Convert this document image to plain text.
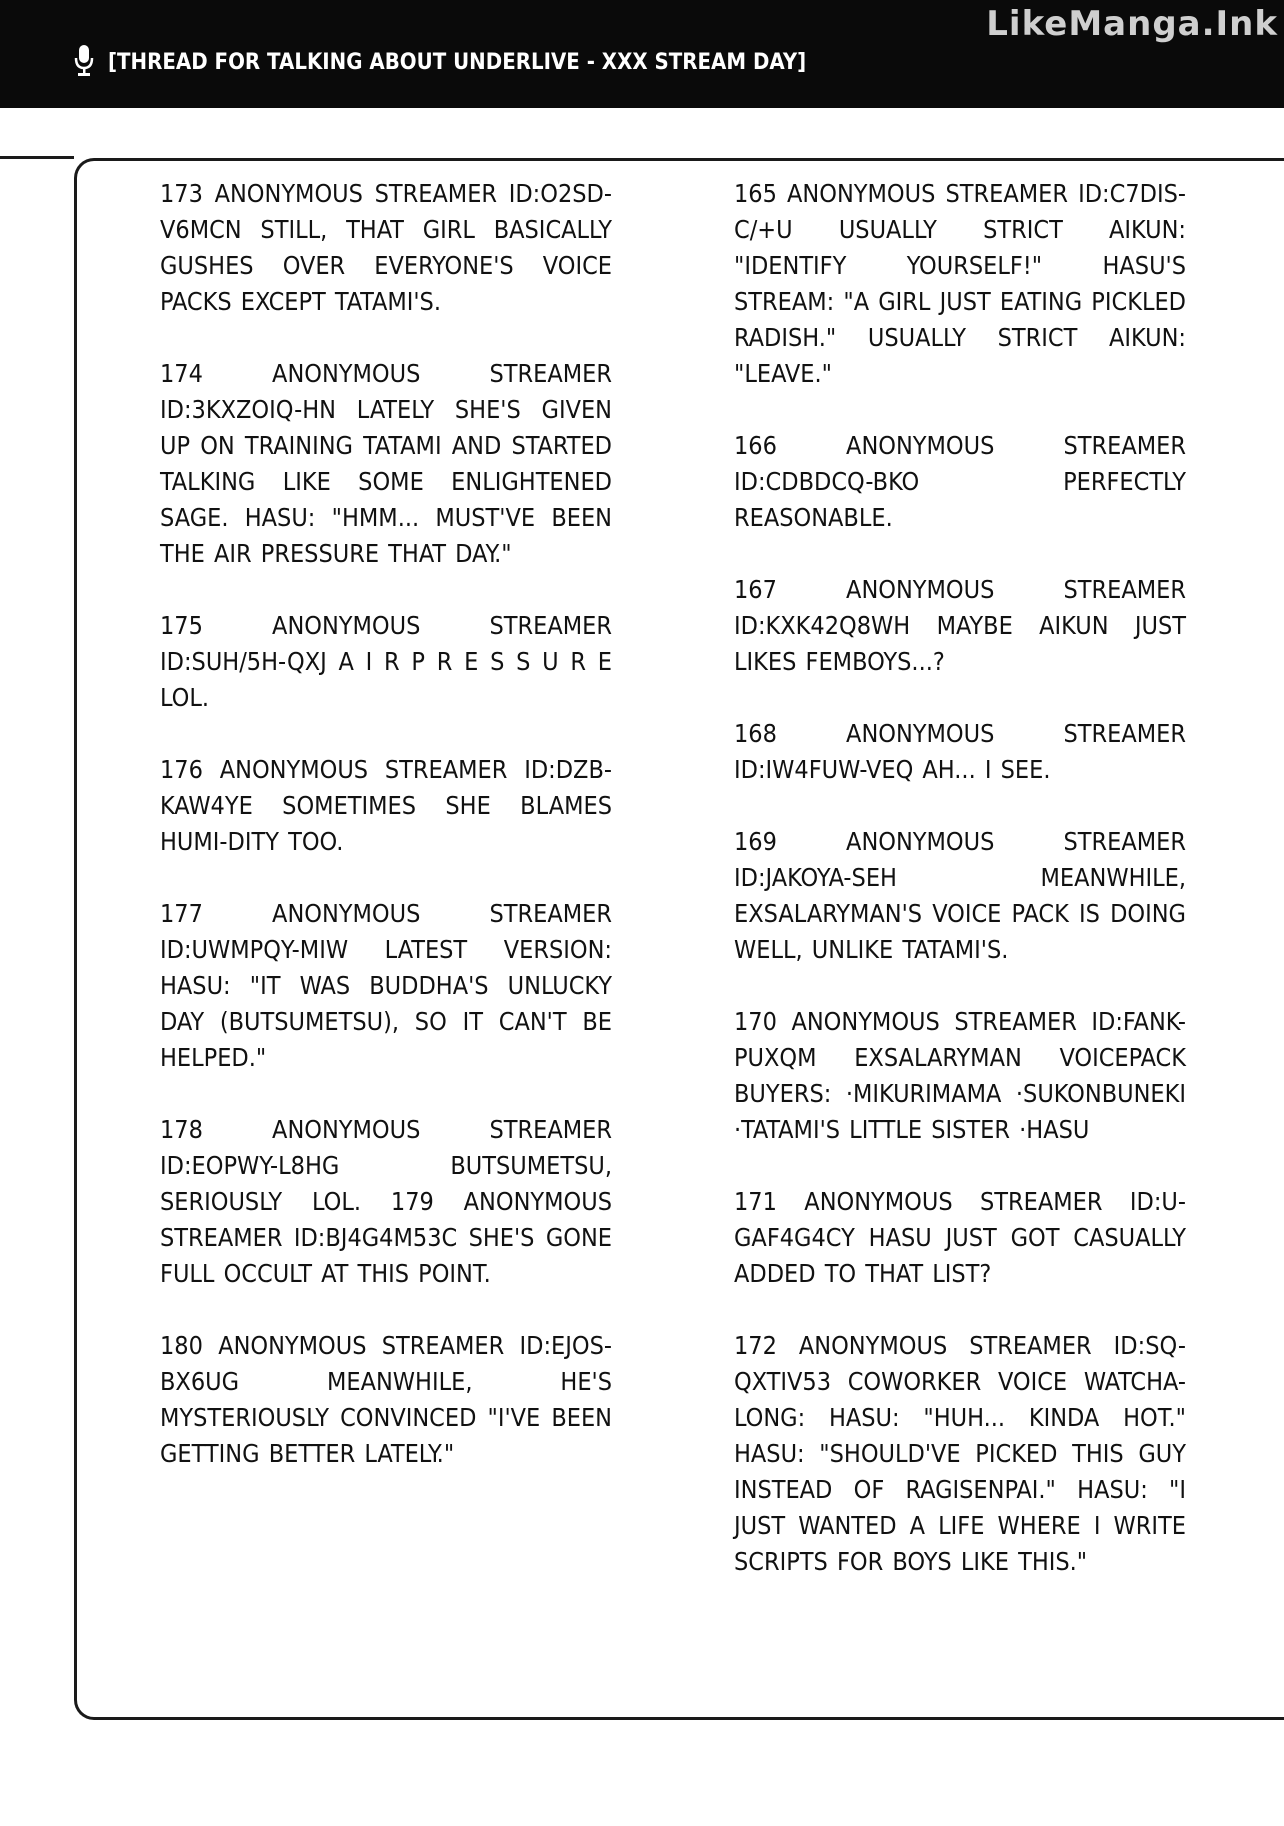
[THREAD FOR TALKING ABOUT UNDERLIVE - XXX STREAM DAY]
LikeManga.Ink

173 ANONYMOUS STREAMER ID:O2SD-V6MCN STILL, THAT GIRL BASICALLY GUSHES OVER EVERYONE'S VOICE PACKS EXCEPT TATAMI'S.

174 ANONYMOUS STREAMER ID:3KXZOIQ-HN LATELY SHE'S GIVEN UP ON TRAINING TATAMI AND STARTED TALKING LIKE SOME ENLIGHTENED SAGE. HASU: "HMM... MUST'VE BEEN THE AIR PRESSURE THAT DAY."

175 ANONYMOUS STREAMER ID:SUH/5H-QXJ A I R P R E S S U R E LOL.

176 ANONYMOUS STREAMER ID:DZB-KAW4YE SOMETIMES SHE BLAMES HUMI-DITY TOO.

177 ANONYMOUS STREAMER ID:UWMPQY-MIW LATEST VERSION: HASU: "IT WAS BUDDHA'S UNLUCKY DAY (BUTSUMETSU), SO IT CAN'T BE HELPED."

178 ANONYMOUS STREAMER ID:EOPWY-L8HG BUTSUMETSU, SERIOUSLY LOL. 179 ANONYMOUS STREAMER ID:BJ4G4M53C SHE'S GONE FULL OCCULT AT THIS POINT.

180 ANONYMOUS STREAMER ID:EJOS-BX6UG MEANWHILE, HE'S MYSTERIOUSLY CONVINCED "I'VE BEEN GETTING BETTER LATELY."

165 ANONYMOUS STREAMER ID:C7DIS-C/+U USUALLY STRICT AIKUN: "IDENTIFY YOURSELF!" HASU'S STREAM: "A GIRL JUST EATING PICKLED RADISH." USUALLY STRICT AIKUN: "LEAVE."

166 ANONYMOUS STREAMER ID:CDBDCQ-BKO PERFECTLY REASONABLE.

167 ANONYMOUS STREAMER ID:KXK42Q8WH MAYBE AIKUN JUST LIKES FEMBOYS...?

168 ANONYMOUS STREAMER ID:IW4FUW-VEQ AH... I SEE.

169 ANONYMOUS STREAMER ID:JAKOYA-SEH MEANWHILE, EXSALARYMAN'S VOICE PACK IS DOING WELL, UNLIKE TATAMI'S.

170 ANONYMOUS STREAMER ID:FANK-PUXQM EXSALARYMAN VOICEPACK BUYERS: ·MIKURIMAMA ·SUKONBUNEKI ·TATAMI'S LITTLE SISTER ·HASU

171 ANONYMOUS STREAMER ID:U-GAF4G4CY HASU JUST GOT CASUALLY ADDED TO THAT LIST?

172 ANONYMOUS STREAMER ID:SQ-QXTIV53 COWORKER VOICE WATCHA-LONG: HASU: "HUH... KINDA HOT." HASU: "SHOULD'VE PICKED THIS GUY INSTEAD OF RAGISENPAI." HASU: "I JUST WANTED A LIFE WHERE I WRITE SCRIPTS FOR BOYS LIKE THIS."
